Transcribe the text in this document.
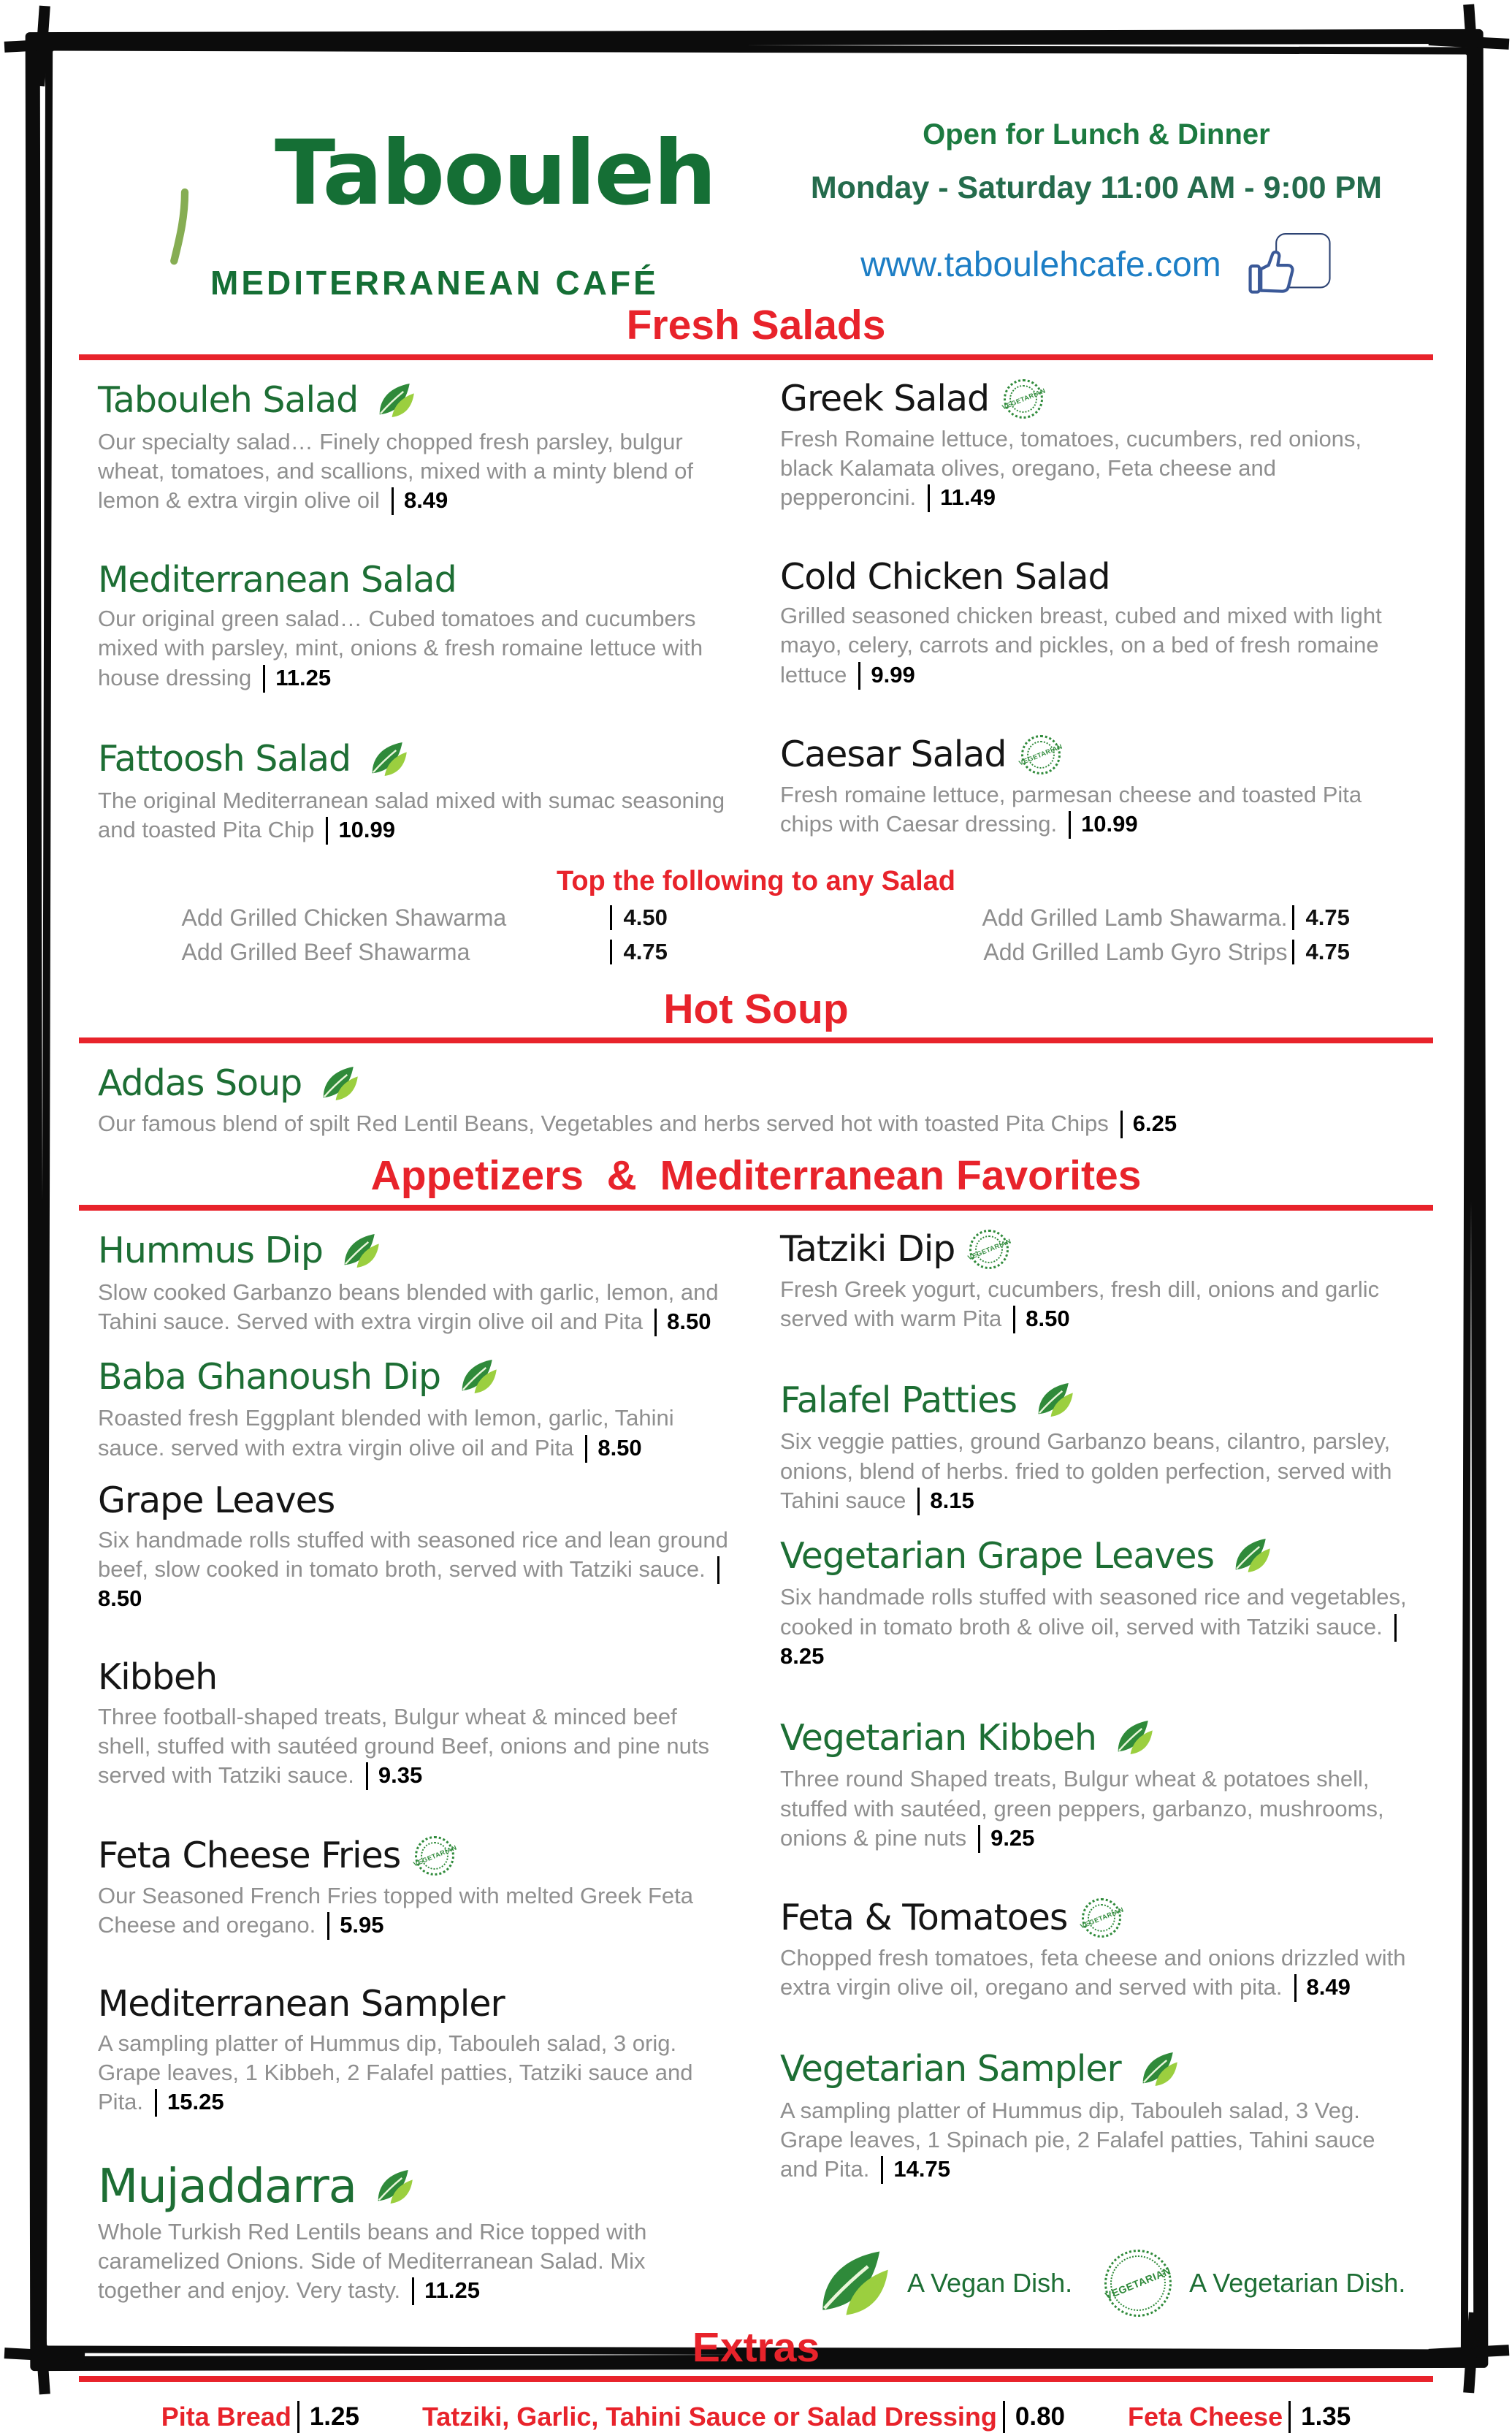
Tabouleh
MEDITERRANEAN CAFÉ
Open for Lunch & Dinner
Monday - Saturday 11:00 AM - 9:00 PM
www.taboulehcafe.com f
Fresh Salads
Tabouleh Salad

Our specialty salad… Finely chopped fresh parsley, bulgur wheat, tomatoes, and scallions, mixed with a minty blend of lemon & extra virgin olive oil 8.49

Mediterranean Salad

Our original green salad… Cubed tomatoes and cucumbers mixed with parsley, mint, onions & fresh romaine lettuce with house dressing 11.25

Fattoosh Salad

The original Mediterranean salad mixed with sumac seasoning and toasted Pita Chip 10.99

Greek Salad VEGETARIAN

Fresh Romaine lettuce, tomatoes, cucumbers, red onions, black Kalamata olives, oregano, Feta cheese and pepperoncini. 11.49

Cold Chicken Salad

Grilled seasoned chicken breast, cubed and mixed with light mayo, celery, carrots and pickles, on a bed of fresh romaine lettuce 9.99

Caesar Salad VEGETARIAN

Fresh romaine lettuce, parmesan cheese and toasted Pita chips with Caesar dressing. 10.99

Top the following to any Salad
Add Grilled Chicken Shawarma	4.50
Add Grilled Beef Shawarma	4.75
Add Grilled Lamb Shawarma. 4.75
Add Grilled Lamb Gyro Strips 4.75
Hot Soup
Addas Soup

Our famous blend of spilt Red Lentil Beans, Vegetables and herbs served hot with toasted Pita Chips 6.25

Appetizers  &  Mediterranean Favorites
Hummus Dip

Slow cooked Garbanzo beans blended with garlic, lemon, and Tahini sauce. Served with extra virgin olive oil and Pita 8.50

Baba Ghanoush Dip

Roasted fresh Eggplant blended with lemon, garlic, Tahini sauce. served with extra virgin olive oil and Pita 8.50

Grape Leaves

Six handmade rolls stuffed with seasoned rice and lean ground beef, slow cooked in tomato broth, served with Tatziki sauce.8.50

Kibbeh

Three football-shaped treats, Bulgur wheat & minced beef shell, stuffed with sautéed ground Beef, onions and pine nuts served with Tatziki sauce. 9.35

Feta Cheese Fries VEGETARIAN

Our Seasoned French Fries topped with melted Greek Feta Cheese and oregano. 5.95

Mediterranean Sampler

A sampling platter of Hummus dip, Tabouleh salad, 3 orig. Grape leaves, 1 Kibbeh, 2 Falafel patties, Tatziki sauce and Pita. 15.25

Mujaddarra

Whole Turkish Red Lentils beans and Rice topped with caramelized Onions. Side of Mediterranean Salad. Mix together and enjoy. Very tasty. 11.25

Tatziki Dip VEGETARIAN

Fresh Greek yogurt, cucumbers, fresh dill, onions and garlic served with warm Pita 8.50

Falafel Patties

Six veggie patties, ground Garbanzo beans, cilantro, parsley, onions, blend of herbs. fried to golden perfection, served with Tahini sauce 8.15

Vegetarian Grape Leaves

Six handmade rolls stuffed with seasoned rice and vegetables, cooked in tomato broth & olive oil, served with Tatziki sauce.8.25

Vegetarian Kibbeh

Three round Shaped treats, Bulgur wheat & potatoes shell, stuffed with sautéed, green peppers, garbanzo, mushrooms, onions & pine nuts 9.25

Feta & Tomatoes VEGETARIAN

Chopped fresh tomatoes, feta cheese and onions drizzled with extra virgin olive oil, oregano and served with pita. 8.49

Vegetarian Sampler

A sampling platter of Hummus dip, Tabouleh salad, 3 Veg. Grape leaves, 1 Spinach pie, 2 Falafel patties, Tahini sauce and Pita. 14.75

A Vegan Dish.	VEGETARIAN A Vegetarian Dish.
Extras
Pita Bread 1.25 Tatziki, Garlic, Tahini Sauce or Salad Dressing 0.80 Feta Cheese 1.35
